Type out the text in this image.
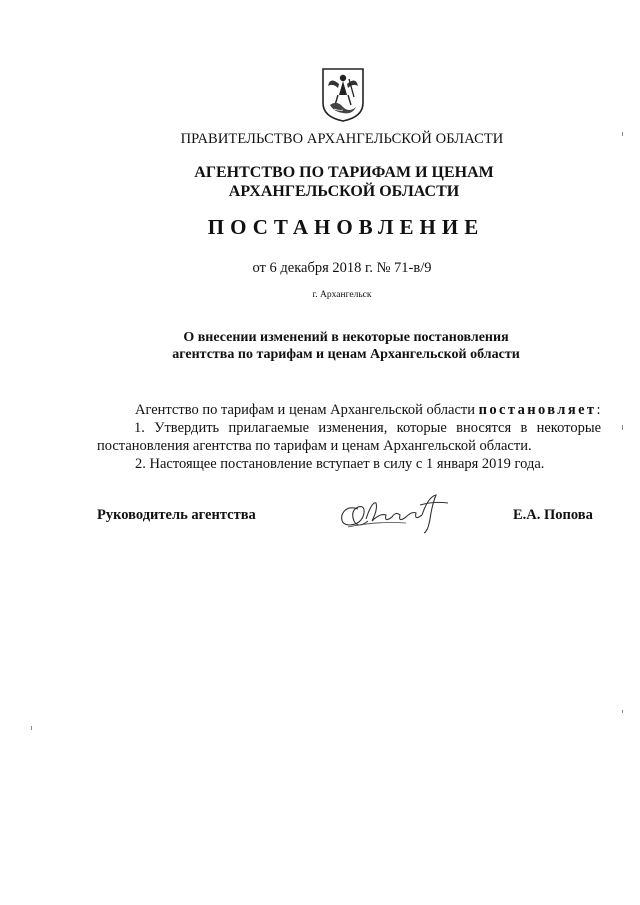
ПРАВИТЕЛЬСТВО АРХАНГЕЛЬСКОЙ ОБЛАСТИ
АГЕНТСТВО ПО ТАРИФАМ И ЦЕНАМ
АРХАНГЕЛЬСКОЙ ОБЛАСТИ
ПОСТАНОВЛЕНИЕ
от 6 декабря 2018 г. № 71-в/9
г. Архангельск
О внесении изменений в некоторые постановления
агентства по тарифам и ценам Архангельской области
Агентство по тарифам и ценам Архангельской области постановляет:
1. Утвердить прилагаемые изменения, которые вносятся в некоторые постановления агентства по тарифам и ценам Архангельской области.
2. Настоящее постановление вступает в силу с 1 января 2019 года.
Руководитель агентства	Е.А. Попова
